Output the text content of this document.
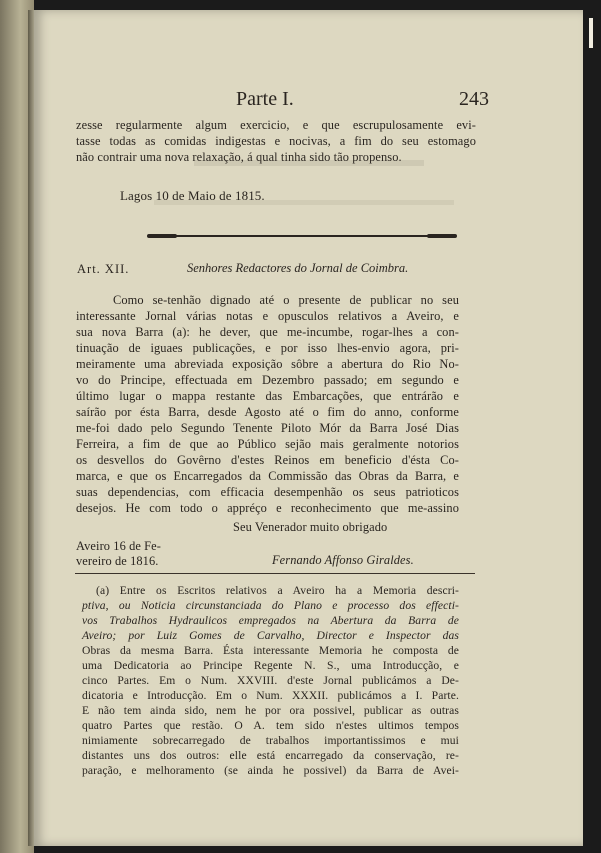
Parte I.	243
zesse regularmente algum exercicio, e que escrupulosamente evi-
tasse todas as comidas indigestas e nocivas, a fim do seu estomago
não contrair uma nova relaxação, á qual tinha sido tão propenso.
Lagos 10 de Maio de 1815.
Art. XII.	Senhores Redactores do Jornal de Coimbra.
Como se-tenhão dignado até o presente de publicar no seu
interessante Jornal várias notas e opusculos relativos a Aveiro, e
sua nova Barra (a): he dever, que me-incumbe, rogar-lhes a con-
tinuação de iguaes publicações, e por isso lhes-envio agora, pri-
meiramente uma abreviada exposição sôbre a abertura do Rio No-
vo do Principe, effectuada em Dezembro passado; em segundo e
último lugar o mappa restante das Embarcações, que entrárão e
saírão por ésta Barra, desde Agosto até o fim do anno, conforme
me-foi dado pelo Segundo Tenente Piloto Mór da Barra José Dias
Ferreira, a fim de que ao Público sejão mais geralmente notorios
os desvellos do Govêrno d'estes Reinos em beneficio d'ésta Co-
marca, e que os Encarregados da Commissão das Obras da Barra, e
suas dependencias, com efficacia desempenhão os seus patrioticos
desejos. He com todo o appréço e reconhecimento que me-assino
Seu Venerador muito obrigado
Aveiro 16 de Fe-
vereiro de 1816.	Fernando Affonso Giraldes.
(a) Entre os Escritos relativos a Aveiro ha a Memoria descri-
ptiva, ou Noticia circunstanciada do Plano e processo dos effecti-
vos Trabalhos Hydraulicos empregados na Abertura da Barra de
Aveiro; por Luiz Gomes de Carvalho, Director e Inspector das
Obras da mesma Barra. Ésta interessante Memoria he composta de
uma Dedicatoria ao Principe Regente N. S., uma Introducção, e
cinco Partes. Em o Num. XXVIII. d'este Jornal publicámos a De-
dicatoria e Introducção. Em o Num. XXXII. publicámos a I. Parte.
E não tem ainda sido, nem he por ora possivel, publicar as outras
quatro Partes que restão. O A. tem sido n'estes ultimos tempos
nimiamente sobrecarregado de trabalhos importantissimos e mui
distantes uns dos outros: elle está encarregado da conservação, re-
paração, e melhoramento (se ainda he possivel) da Barra de Avei-
